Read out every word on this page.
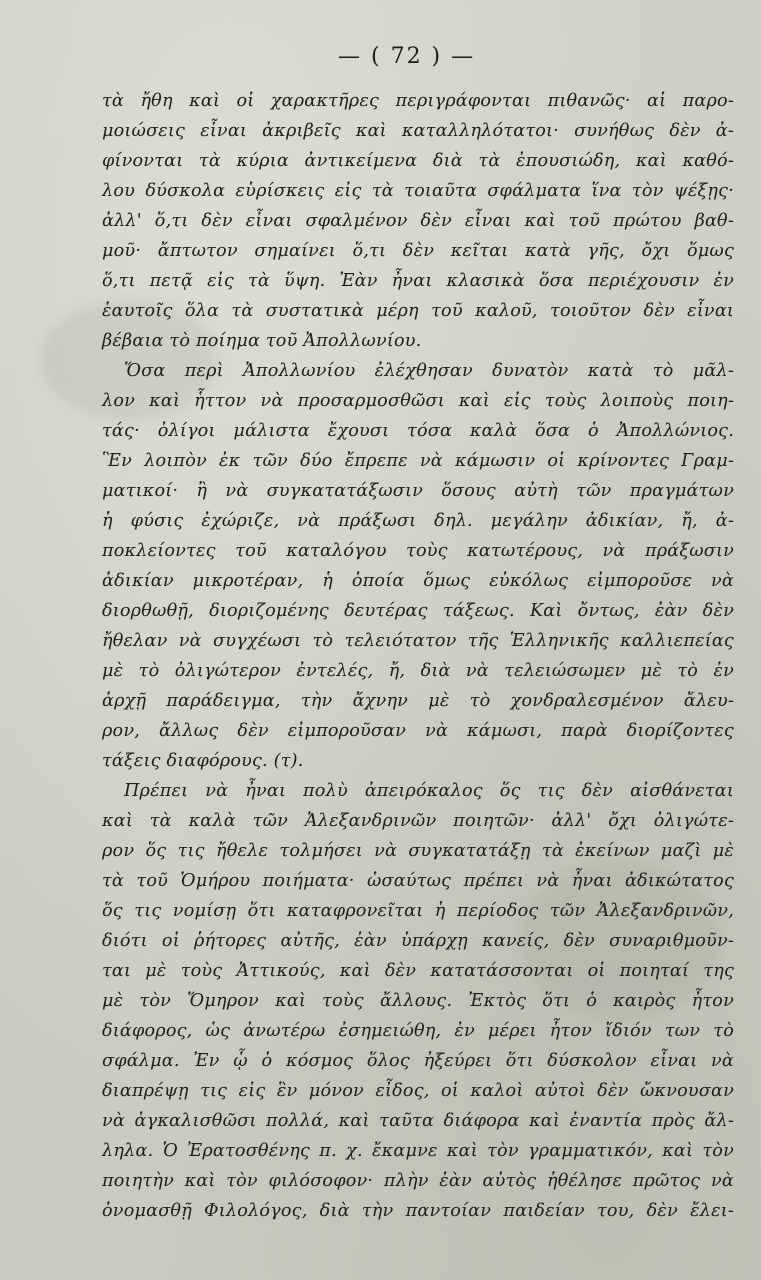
— ( 72 ) —
τὰ ἤθη καὶ οἱ χαρακτῆρες περιγράφονται πιθανῶς· αἱ παρο-
μοιώσεις εἶναι ἀκριβεῖς καὶ καταλληλότατοι· συνήθως δὲν ἀ-
φίνονται τὰ κύρια ἀντικείμενα διὰ τὰ ἐπουσιώδη, καὶ καθό-
λου δύσκολα εὑρίσκεις εἰς τὰ τοιαῦτα σφάλματα ἵνα τὸν ψέξῃς·
ἀλλ' ὅ,τι δὲν εἶναι σφαλμένον δὲν εἶναι καὶ τοῦ πρώτου βαθ-
μοῦ· ἄπτωτον σημαίνει ὅ,τι δὲν κεῖται κατὰ γῆς, ὄχι ὅμως
ὅ,τι πετᾷ εἰς τὰ ὕψη. Ἐὰν ἦναι κλασικὰ ὅσα περιέχουσιν ἐν
ἑαυτοῖς ὅλα τὰ συστατικὰ μέρη τοῦ καλοῦ, τοιοῦτον δὲν εἶναι
βέβαια τὸ ποίημα τοῦ Ἀπολλωνίου.
Ὅσα περὶ Ἀπολλωνίου ἐλέχθησαν δυνατὸν κατὰ τὸ μᾶλ-
λον καὶ ἧττον νὰ προσαρμοσθῶσι καὶ εἰς τοὺς λοιποὺς ποιη-
τάς· ὀλίγοι μάλιστα ἔχουσι τόσα καλὰ ὅσα ὁ Ἀπολλώνιος.
Ἓν λοιπὸν ἐκ τῶν δύο ἔπρεπε νὰ κάμωσιν οἱ κρίνοντες Γραμ-
ματικοί· ἢ νὰ συγκατατάξωσιν ὅσους αὐτὴ τῶν πραγμάτων
ἡ φύσις ἐχώριζε, νὰ πράξωσι δηλ. μεγάλην ἀδικίαν, ἤ, ἀ-
ποκλείοντες τοῦ καταλόγου τοὺς κατωτέρους, νὰ πράξωσιν
ἀδικίαν μικροτέραν, ἡ ὁποία ὅμως εὐκόλως εἰμποροῦσε νὰ
διορθωθῇ, διοριζομένης δευτέρας τάξεως. Καὶ ὄντως, ἐὰν δὲν
ἤθελαν νὰ συγχέωσι τὸ τελειότατον τῆς Ἑλληνικῆς καλλιεπείας
μὲ τὸ ὀλιγώτερον ἐντελές, ἤ, διὰ νὰ τελειώσωμεν μὲ τὸ ἐν
ἀρχῇ παράδειγμα, τὴν ἄχνην μὲ τὸ χονδραλεσμένον ἄλευ-
ρον, ἄλλως δὲν εἰμποροῦσαν νὰ κάμωσι, παρὰ διορίζοντες
τάξεις διαφόρους. (τ).
Πρέπει νὰ ἦναι πολὺ ἀπειρόκαλος ὅς τις δὲν αἰσθάνεται
καὶ τὰ καλὰ τῶν Ἀλεξανδρινῶν ποιητῶν· ἀλλ' ὄχι ὀλιγώτε-
ρον ὅς τις ἤθελε τολμήσει νὰ συγκατατάξῃ τὰ ἐκείνων μαζὶ μὲ
τὰ τοῦ Ὁμήρου ποιήματα· ὡσαύτως πρέπει νὰ ἦναι ἀδικώτατος
ὅς τις νομίσῃ ὅτι καταφρονεῖται ἡ περίοδος τῶν Ἀλεξανδρινῶν,
διότι οἱ ῥήτορες αὐτῆς, ἐὰν ὑπάρχῃ κανείς, δὲν συναριθμοῦν-
ται μὲ τοὺς Ἀττικούς, καὶ δὲν κατατάσσονται οἱ ποιηταί της
μὲ τὸν Ὅμηρον καὶ τοὺς ἄλλους. Ἐκτὸς ὅτι ὁ καιρὸς ἦτον
διάφορος, ὡς ἀνωτέρω ἐσημειώθη, ἐν μέρει ἦτον ἴδιόν των τὸ
σφάλμα. Ἐν ᾧ ὁ κόσμος ὅλος ἠξεύρει ὅτι δύσκολον εἶναι νὰ
διαπρέψῃ τις εἰς ἓν μόνον εἶδος, οἱ καλοὶ αὐτοὶ δὲν ὤκνουσαν
νὰ ἀγκαλισθῶσι πολλά, καὶ ταῦτα διάφορα καὶ ἐναντία πρὸς ἄλ-
ληλα. Ὁ Ἐρατοσθένης π. χ. ἔκαμνε καὶ τὸν γραμματικόν, καὶ τὸν
ποιητὴν καὶ τὸν φιλόσοφον· πλὴν ἐὰν αὐτὸς ἠθέλησε πρῶτος νὰ
ὀνομασθῇ Φιλολόγος, διὰ τὴν παντοίαν παιδείαν του, δὲν ἔλει-
